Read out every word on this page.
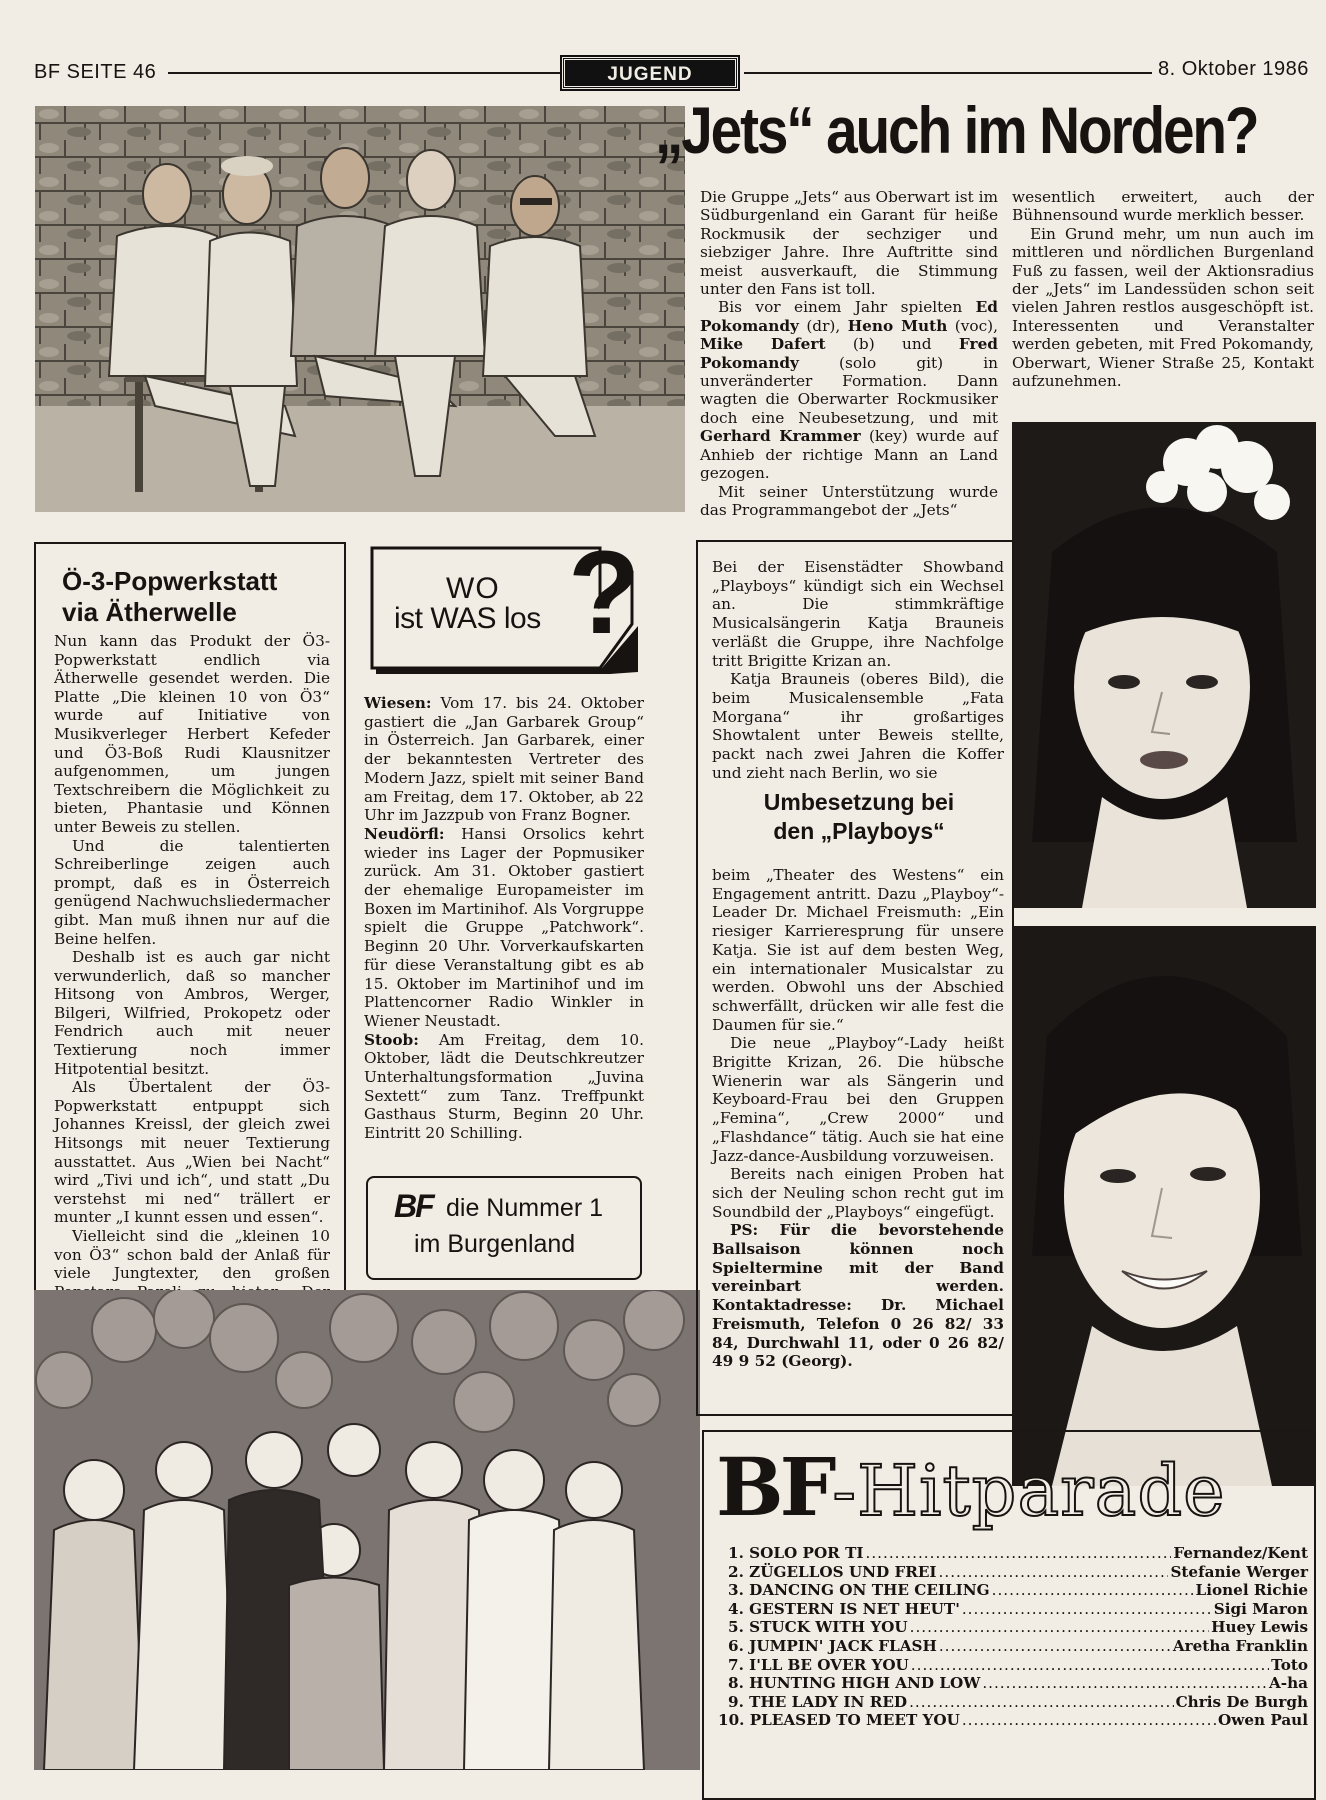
BF SEITE 46	JUGEND	8. Oktober 1986
„Jets“ auch im Norden?

Die Gruppe „Jets“ aus Oberwart ist im Südburgenland ein Garant für heiße Rockmusik der sechziger und siebziger Jahre. Ihre Auftritte sind meist ausverkauft, die Stimmung unter den Fans ist toll.

Bis vor einem Jahr spielten Ed Pokomandy (dr), Heno Muth (voc), Mike Dafert (b) und Fred Pokomandy (solo git) in unveränderter Formation. Dann wagten die Oberwarter Rockmusiker doch eine Neubesetzung, und mit Gerhard Krammer (key) wurde auf Anhieb der richtige Mann an Land gezogen.

Mit seiner Unterstützung wurde das Programmangebot der „Jets“

wesentlich erweitert, auch der Bühnensound wurde merklich besser.

Ein Grund mehr, um nun auch im mittleren und nördlichen Burgenland Fuß zu fassen, weil der Aktionsradius der „Jets“ im Landessüden schon seit vielen Jahren restlos ausgeschöpft ist. Interessenten und Veranstalter werden gebeten, mit Fred Pokomandy, Oberwart, Wiener Straße 25, Kontakt aufzunehmen.

Ö-3-Popwerkstatt
via Ätherwelle

Nun kann das Produkt der Ö3-Popwerkstatt endlich via Ätherwelle gesendet werden. Die Platte „Die kleinen 10 von Ö3“ wurde auf Initiative von Musikverleger Herbert Kefeder und Ö3-Boß Rudi Klausnitzer aufgenommen, um jungen Textschreibern die Möglichkeit zu bieten, Phantasie und Können unter Beweis zu stellen.

Und die talentierten Schreiberlinge zeigen auch prompt, daß es in Österreich genügend Nachwuchsliedermacher gibt. Man muß ihnen nur auf die Beine helfen.

Deshalb ist es auch gar nicht verwunderlich, daß so mancher Hitsong von Ambros, Werger, Bilgeri, Wilfried, Prokopetz oder Fendrich auch mit neuer Textierung noch immer Hitpotential besitzt.

Als Übertalent der Ö3-Popwerkstatt entpuppt sich Johannes Kreissl, der gleich zwei Hitsongs mit neuer Textierung ausstattet. Aus „Wien bei Nacht“ wird „Tivi und ich“, und statt „Du verstehst mi ned“ trällert er munter „I kunnt essen und essen“.

Vielleicht sind die „kleinen 10 von Ö3“ schon bald der Anlaß für viele Jungtexter, den großen

WO
ist WAS los ?

Wiesen: Vom 17. bis 24. Oktober gastiert die „Jan Garbarek Group“ in Österreich. Jan Garbarek, einer der bekanntesten Vertreter des Modern Jazz, spielt mit seiner Band am Freitag, dem 17. Oktober, ab 22 Uhr im Jazzpub von Franz Bogner.

Neudörfl: Hansi Orsolics kehrt wieder ins Lager der Popmusiker zurück. Am 31. Oktober gastiert der ehemalige Europameister im Boxen im Martinihof. Als Vorgruppe spielt die Gruppe „Patchwork“. Beginn 20 Uhr. Vorverkaufskarten für diese Veranstaltung gibt es ab 15. Oktober im Martinihof und im Plattencorner Radio Winkler in Wiener Neustadt.

Stoob: Am Freitag, dem 10. Oktober, lädt die Deutschkreutzer Unterhaltungsformation „Juvina Sextett“ zum Tanz. Treffpunkt Gasthaus Sturm, Beginn 20 Uhr. Eintritt 20 Schilling.

BF die Nummer 1
im Burgenland

Bei der Eisenstädter Showband „Playboys“ kündigt sich ein Wechsel an. Die stimmkräftige Musicalsängerin Katja Brauneis verläßt die Gruppe, ihre Nachfolge tritt Brigitte Krizan an.

Katja Brauneis (oberes Bild), die beim Musicalensemble „Fata Morgana“ ihr großartiges Showtalent unter Beweis stellte, packt nach zwei Jahren die Koffer und zieht nach Berlin, wo sie

Umbesetzung bei
den „Playboys“

beim „Theater des Westens“ ein Engagement antritt. Dazu „Playboy“-Leader Dr. Michael Freismuth: „Ein riesiger Karrieresprung für unsere Katja. Sie ist auf dem besten Weg, ein internationaler Musicalstar zu werden. Obwohl uns der Abschied schwerfällt, drücken wir alle fest die Daumen für sie.“

Die neue „Playboy“-Lady heißt Brigitte Krizan, 26. Die hübsche Wienerin war als Sängerin und Keyboard-Frau bei den Gruppen „Femina“, „Crew 2000“ und „Flashdance“ tätig. Auch sie hat eine Jazz-dance-Ausbildung vorzuweisen.

Bereits nach einigen Proben hat sich der Neuling schon recht gut im Soundbild der „Playboys“ eingefügt.

PS: Für die bevorstehende Ballsaison können noch Spieltermine mit der Band vereinbart werden. Kontaktadresse: Dr. Michael Freismuth, Telefon 0 26 82/ 33 84, Durchwahl 11, oder 0 26 82/ 49 9 52 (Georg).

BF-Hitparade
1. SOLO POR TI .....	Fernandez/Kent
2. ZÜGELLOS UND FREI .....	Stefanie Werger
3. DANCING ON THE CEILING .....	Lionel Richie
4. GESTERN IS NET HEUT' .....	Sigi Maron
5. STUCK WITH YOU .....	Huey Lewis
6. JUMPIN' JACK FLASH .....	Aretha Franklin
7. I'LL BE OVER YOU .....	Toto
8. HUNTING HIGH AND LOW .....	A-ha
9. THE LADY IN RED .....	Chris De Burgh
10. PLEASED TO MEET YOU .....	Owen Paul
